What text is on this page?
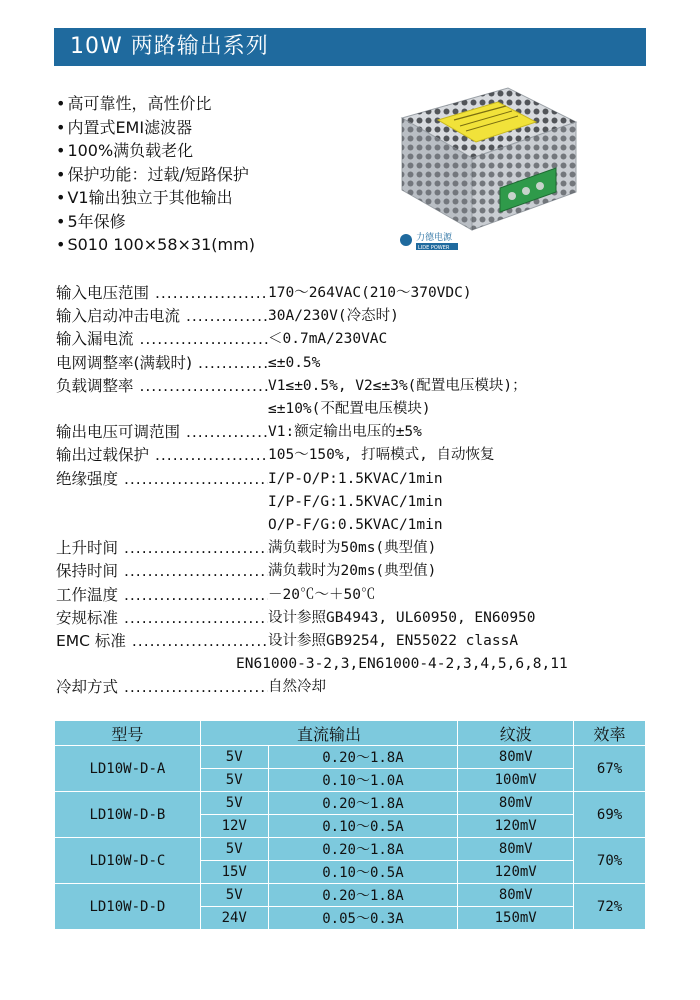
10W 两路输出系列
• 高可靠性，高性价比
• 内置式EMI滤波器
• 100%满负载老化
• 保护功能：过载/短路保护
• V1输出独立于其他输出
• 5年保修
• S010 100×58×31(mm)	力德电源
LIDE POWER
输入电压范围 .....	170～264VAC(210～370VDC)
输入启动冲击电流 .....	30A/230V(冷态时)
输入漏电流 .....	＜0.7mA/230VAC
电网调整率(满载时) .....	≤±0.5%
负载调整率 .....	V1≤±0.5%, V2≤±3%(配置电压模块)；
≤±10%(不配置电压模块)
输出电压可调范围 .....	V1:额定输出电压的±5%
输出过载保护 .....	105～150%, 打嗝模式, 自动恢复
绝缘强度 .....	I/P-O/P:1.5KVAC/1min
I/P-F/G:1.5KVAC/1min
O/P-F/G:0.5KVAC/1min
上升时间 .....	满负载时为50ms(典型值)
保持时间 .....	满负载时为20ms(典型值)
工作温度 .....	－20℃～＋50℃
安规标准 .....	设计参照GB4943, UL60950, EN60950
EMC 标准 .....	设计参照GB9254, EN55022 classA
EN61000-3-2,3,EN61000-4-2,3,4,5,6,8,11
冷却方式 .....	自然冷却
型号	直流输出		纹波	效率
LD10W-D-A	5V	0.20～1.8A	80mV	67%
	5V	0.10～1.0A	100mV	
LD10W-D-B	5V	0.20～1.8A	80mV	69%
	12V	0.10～0.5A	120mV	
LD10W-D-C	5V	0.20～1.8A	80mV	70%
	15V	0.10～0.5A	120mV	
LD10W-D-D	5V	0.20～1.8A	80mV	72%
	24V	0.05～0.3A	150mV	
